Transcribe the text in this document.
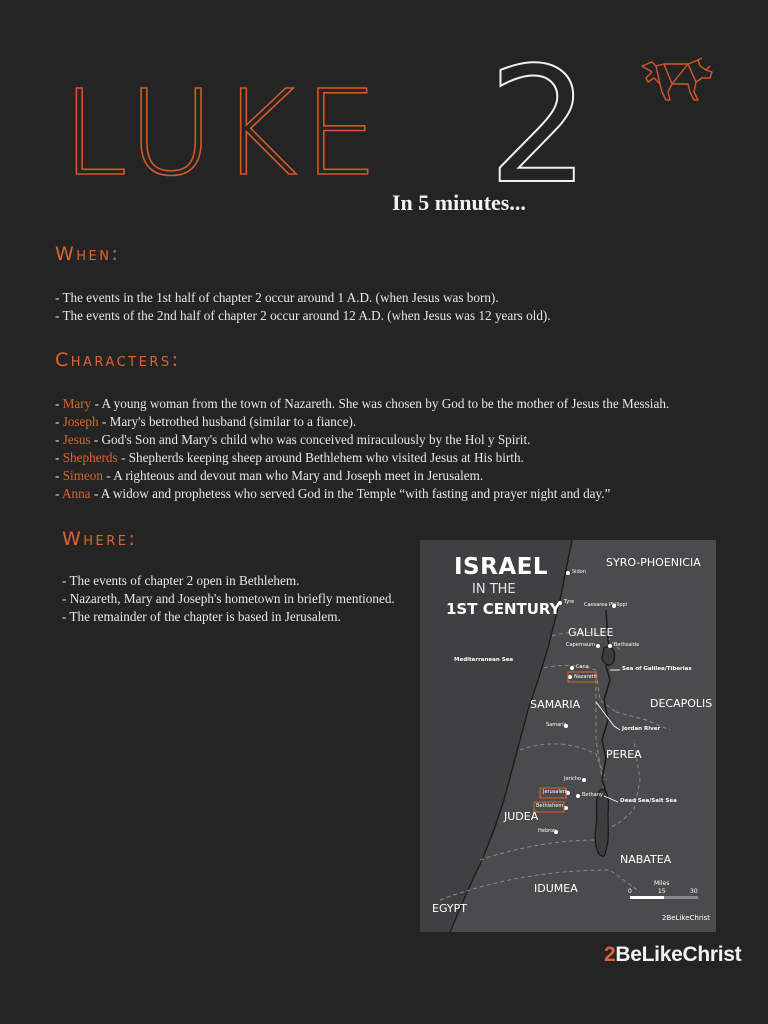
LUKE 2
In 5 minutes...
When:
- The events in the 1st half of chapter 2 occur around 1 A.D. (when Jesus was born).
- The events of the 2nd half of chapter 2 occur around 12 A.D. (when Jesus was 12 years old).
Characters:
- Mary - A young woman from the town of Nazareth. She was chosen by God to be the mother of Jesus the Messiah.
- Joseph - Mary's betrothed husband (similar to a fiance).
- Jesus - God's Son and Mary's child who was conceived miraculously by the Hol y Spirit.
- Shepherds - Shepherds keeping sheep around Bethlehem who visited Jesus at His birth.
- Simeon - A righteous and devout man who Mary and Joseph meet in Jerusalem.
- Anna - A widow and prophetess who served God in the Temple “with fasting and prayer night and day.”
Where:
- The events of chapter 2 open in Bethlehem.
- Nazareth, Mary and Joseph's hometown in briefly mentioned.
- The remainder of the chapter is based in Jerusalem.
ISRAEL
IN THE
1ST CENTURY
SYRO-PHOENICIA
GALILEE
SAMARIA	DECAPOLIS
PEREA
JUDEA
NABATEA
IDUMEA
EGYPT
Sidon
Tyre Caesarea Philippi
Capernaum	Bethsaida
Sea of Galilee/Tiberias
Cana
Nazareth
Mediterranean Sea
Samaria
Jordan River
Jericho
Jerusalem	Bethany
Bethlehem
Dead Sea/Salt Sea
Hebron
Miles
0	15	30
2BeLikeChrist
2BeLikeChrist
